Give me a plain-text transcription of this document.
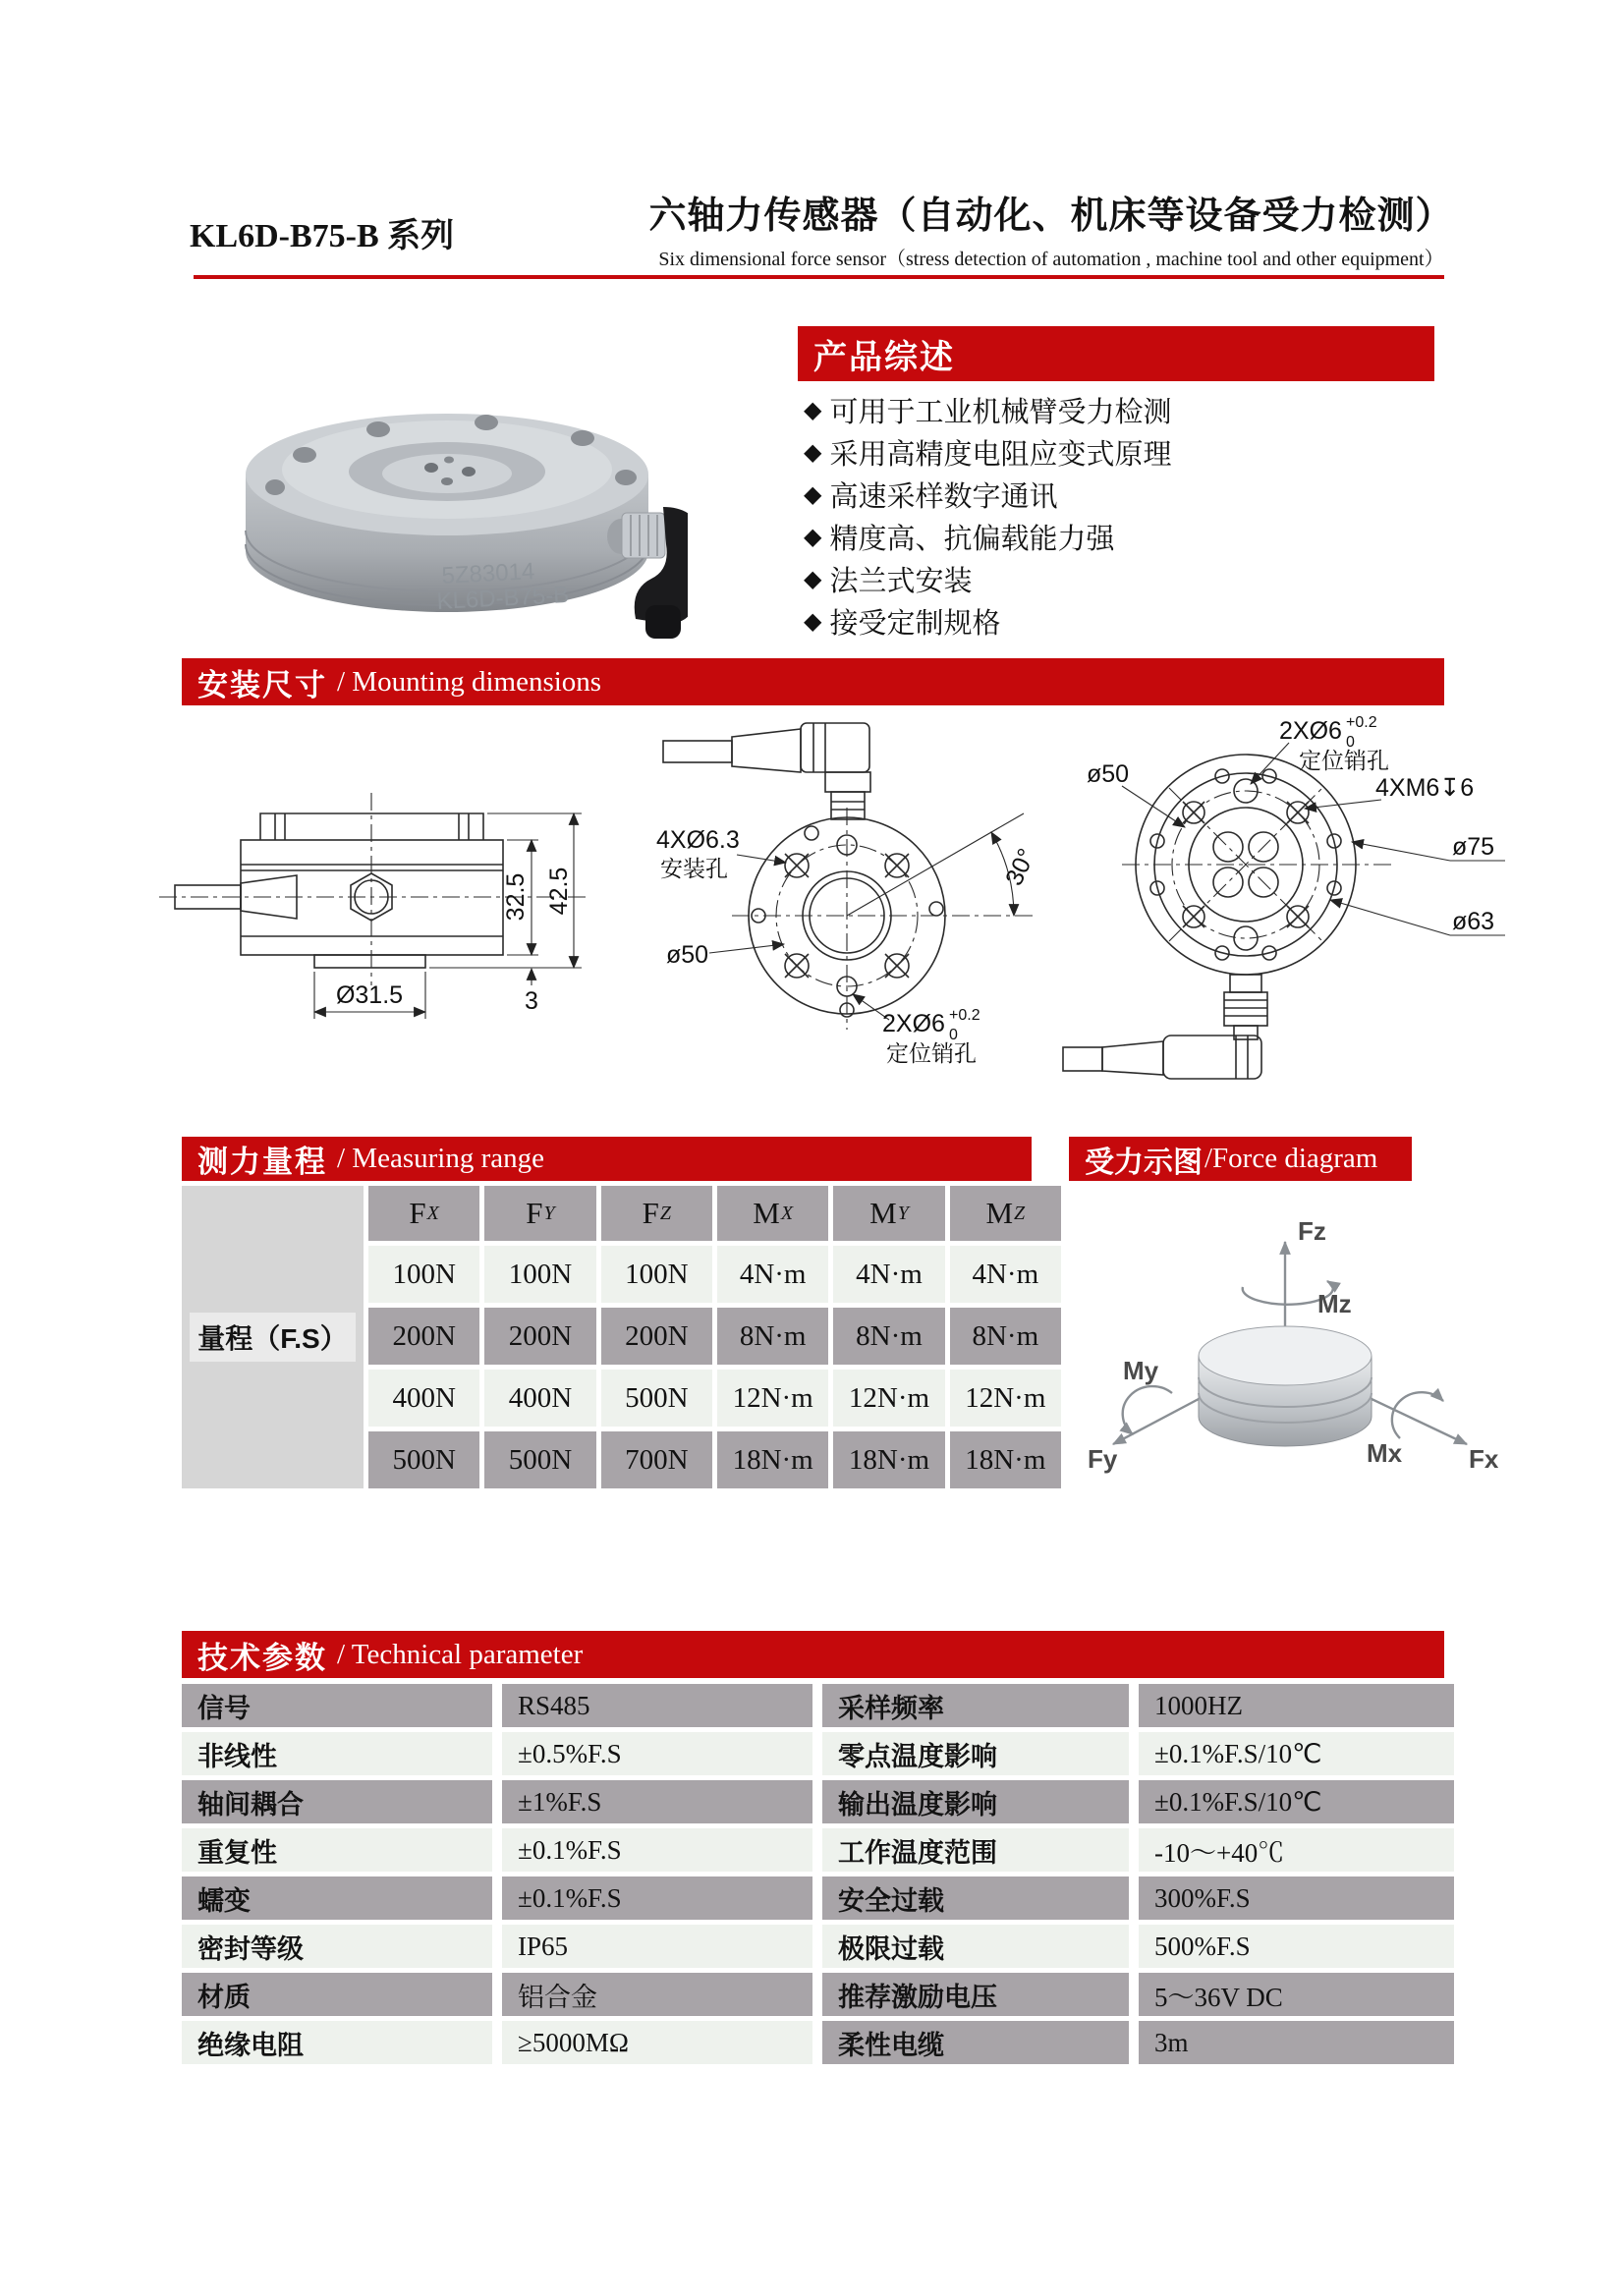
KL6D-B75-B 系列	六轴力传感器（自动化、机床等设备受力检测）
Six dimensional force sensor（stress detection of automation , machine tool and other equipment）
5Z83014
KL6D-B75-B
产品综述
◆ 可用于工业机械臂受力检测
◆ 采用高精度电阻应变式原理
◆ 高速采样数字通讯
◆ 精度高、抗偏载能力强
◆ 法兰式安装
◆ 接受定制规格
安装尺寸 / Mounting dimensions
Ø31.5
32.5 42.5
3
4XØ6.3
安装孔
ø50
30°
2XØ6 +0.2
0
定位销孔
2XØ6 +0.2
0
定位销孔
ø50	4XM6↧6
ø75
ø63
测力量程 / Measuring range
量程（F.S）
F X	F Y	F Z	M X	M Y	M Z
100N	100N	100N	4N·m	4N·m	4N·m
200N	200N	200N	8N·m	8N·m	8N·m
400N	400N	500N	12N·m	12N·m	12N·m
500N	500N	700N	18N·m	18N·m	18N·m
受力示图 /Force diagram
Fz
Mz
My
Fy	Mx	Fx
技术参数 / Technical parameter
信号	RS485	采样频率	1000HZ
非线性	±0.5%F.S	零点温度影响	±0.1%F.S/10℃
轴间耦合	±1%F.S	输出温度影响	±0.1%F.S/10℃
重复性	±0.1%F.S	工作温度范围	-10～+40℃
蠕变	±0.1%F.S	安全过载	300%F.S
密封等级	IP65	极限过载	500%F.S
材质	铝合金	推荐激励电压	5～36V DC
绝缘电阻	≥5000MΩ	柔性电缆	3m
